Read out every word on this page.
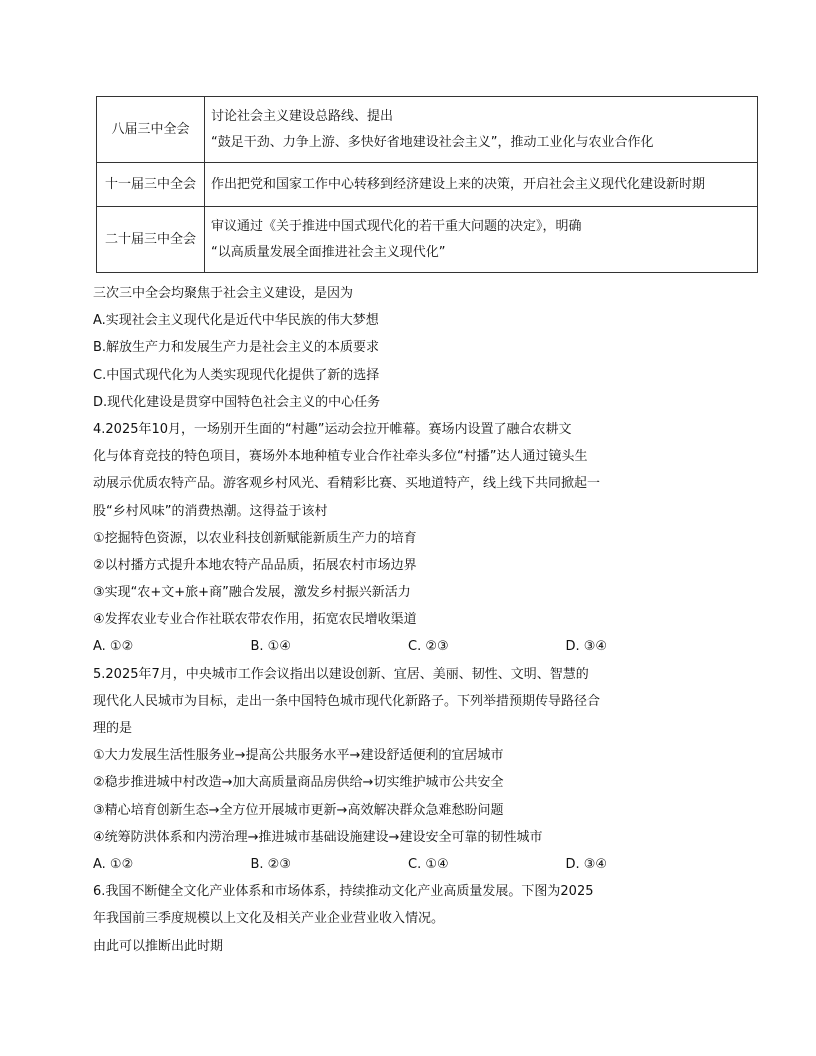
八届三中全会	讨论社会主义建设总路线、提出
“鼓足干劲、力争上游、多快好省地建设社会主义”，推动工业化与农业合作化

十一届三中全会	作出把党和国家工作中心转移到经济建设上来的决策，开启社会主义现代化建设新时期

二十届三中全会	审议通过《关于推进中国式现代化的若干重大问题的决定》，明确
“以高质量发展全面推进社会主义现代化”
三次三中全会均聚焦于社会主义建设，是因为
A.实现社会主义现代化是近代中华民族的伟大梦想
B.解放生产力和发展生产力是社会主义的本质要求
C.中国式现代化为人类实现现代化提供了新的选择
D.现代化建设是贯穿中国特色社会主义的中心任务
4.2025年10月，一场别开生面的“村趣”运动会拉开帷幕。赛场内设置了融合农耕文
化与体育竞技的特色项目，赛场外本地种植专业合作社牵头多位“村播”达人通过镜头生
动展示优质农特产品。游客观乡村风光、看精彩比赛、买地道特产，线上线下共同掀起一
股“乡村风味”的消费热潮。这得益于该村
①挖掘特色资源，以农业科技创新赋能新质生产力的培育
②以村播方式提升本地农特产品品质，拓展农村市场边界
③实现“农+文+旅+商”融合发展，激发乡村振兴新活力
④发挥农业专业合作社联农带农作用，拓宽农民增收渠道
A. ①②	B. ①④	C. ②③	D. ③④
5.2025年7月，中央城市工作会议指出以建设创新、宜居、美丽、韧性、文明、智慧的
现代化人民城市为目标，走出一条中国特色城市现代化新路子。下列举措预期传导路径合
理的是
①大力发展生活性服务业→提高公共服务水平→建设舒适便利的宜居城市
②稳步推进城中村改造→加大高质量商品房供给→切实维护城市公共安全
③精心培育创新生态→全方位开展城市更新→高效解决群众急难愁盼问题
④统筹防洪体系和内涝治理→推进城市基础设施建设→建设安全可靠的韧性城市
A. ①②	B. ②③	C. ①④	D. ③④
6.我国不断健全文化产业体系和市场体系，持续推动文化产业高质量发展。下图为2025
年我国前三季度规模以上文化及相关产业企业营业收入情况。
由此可以推断出此时期
